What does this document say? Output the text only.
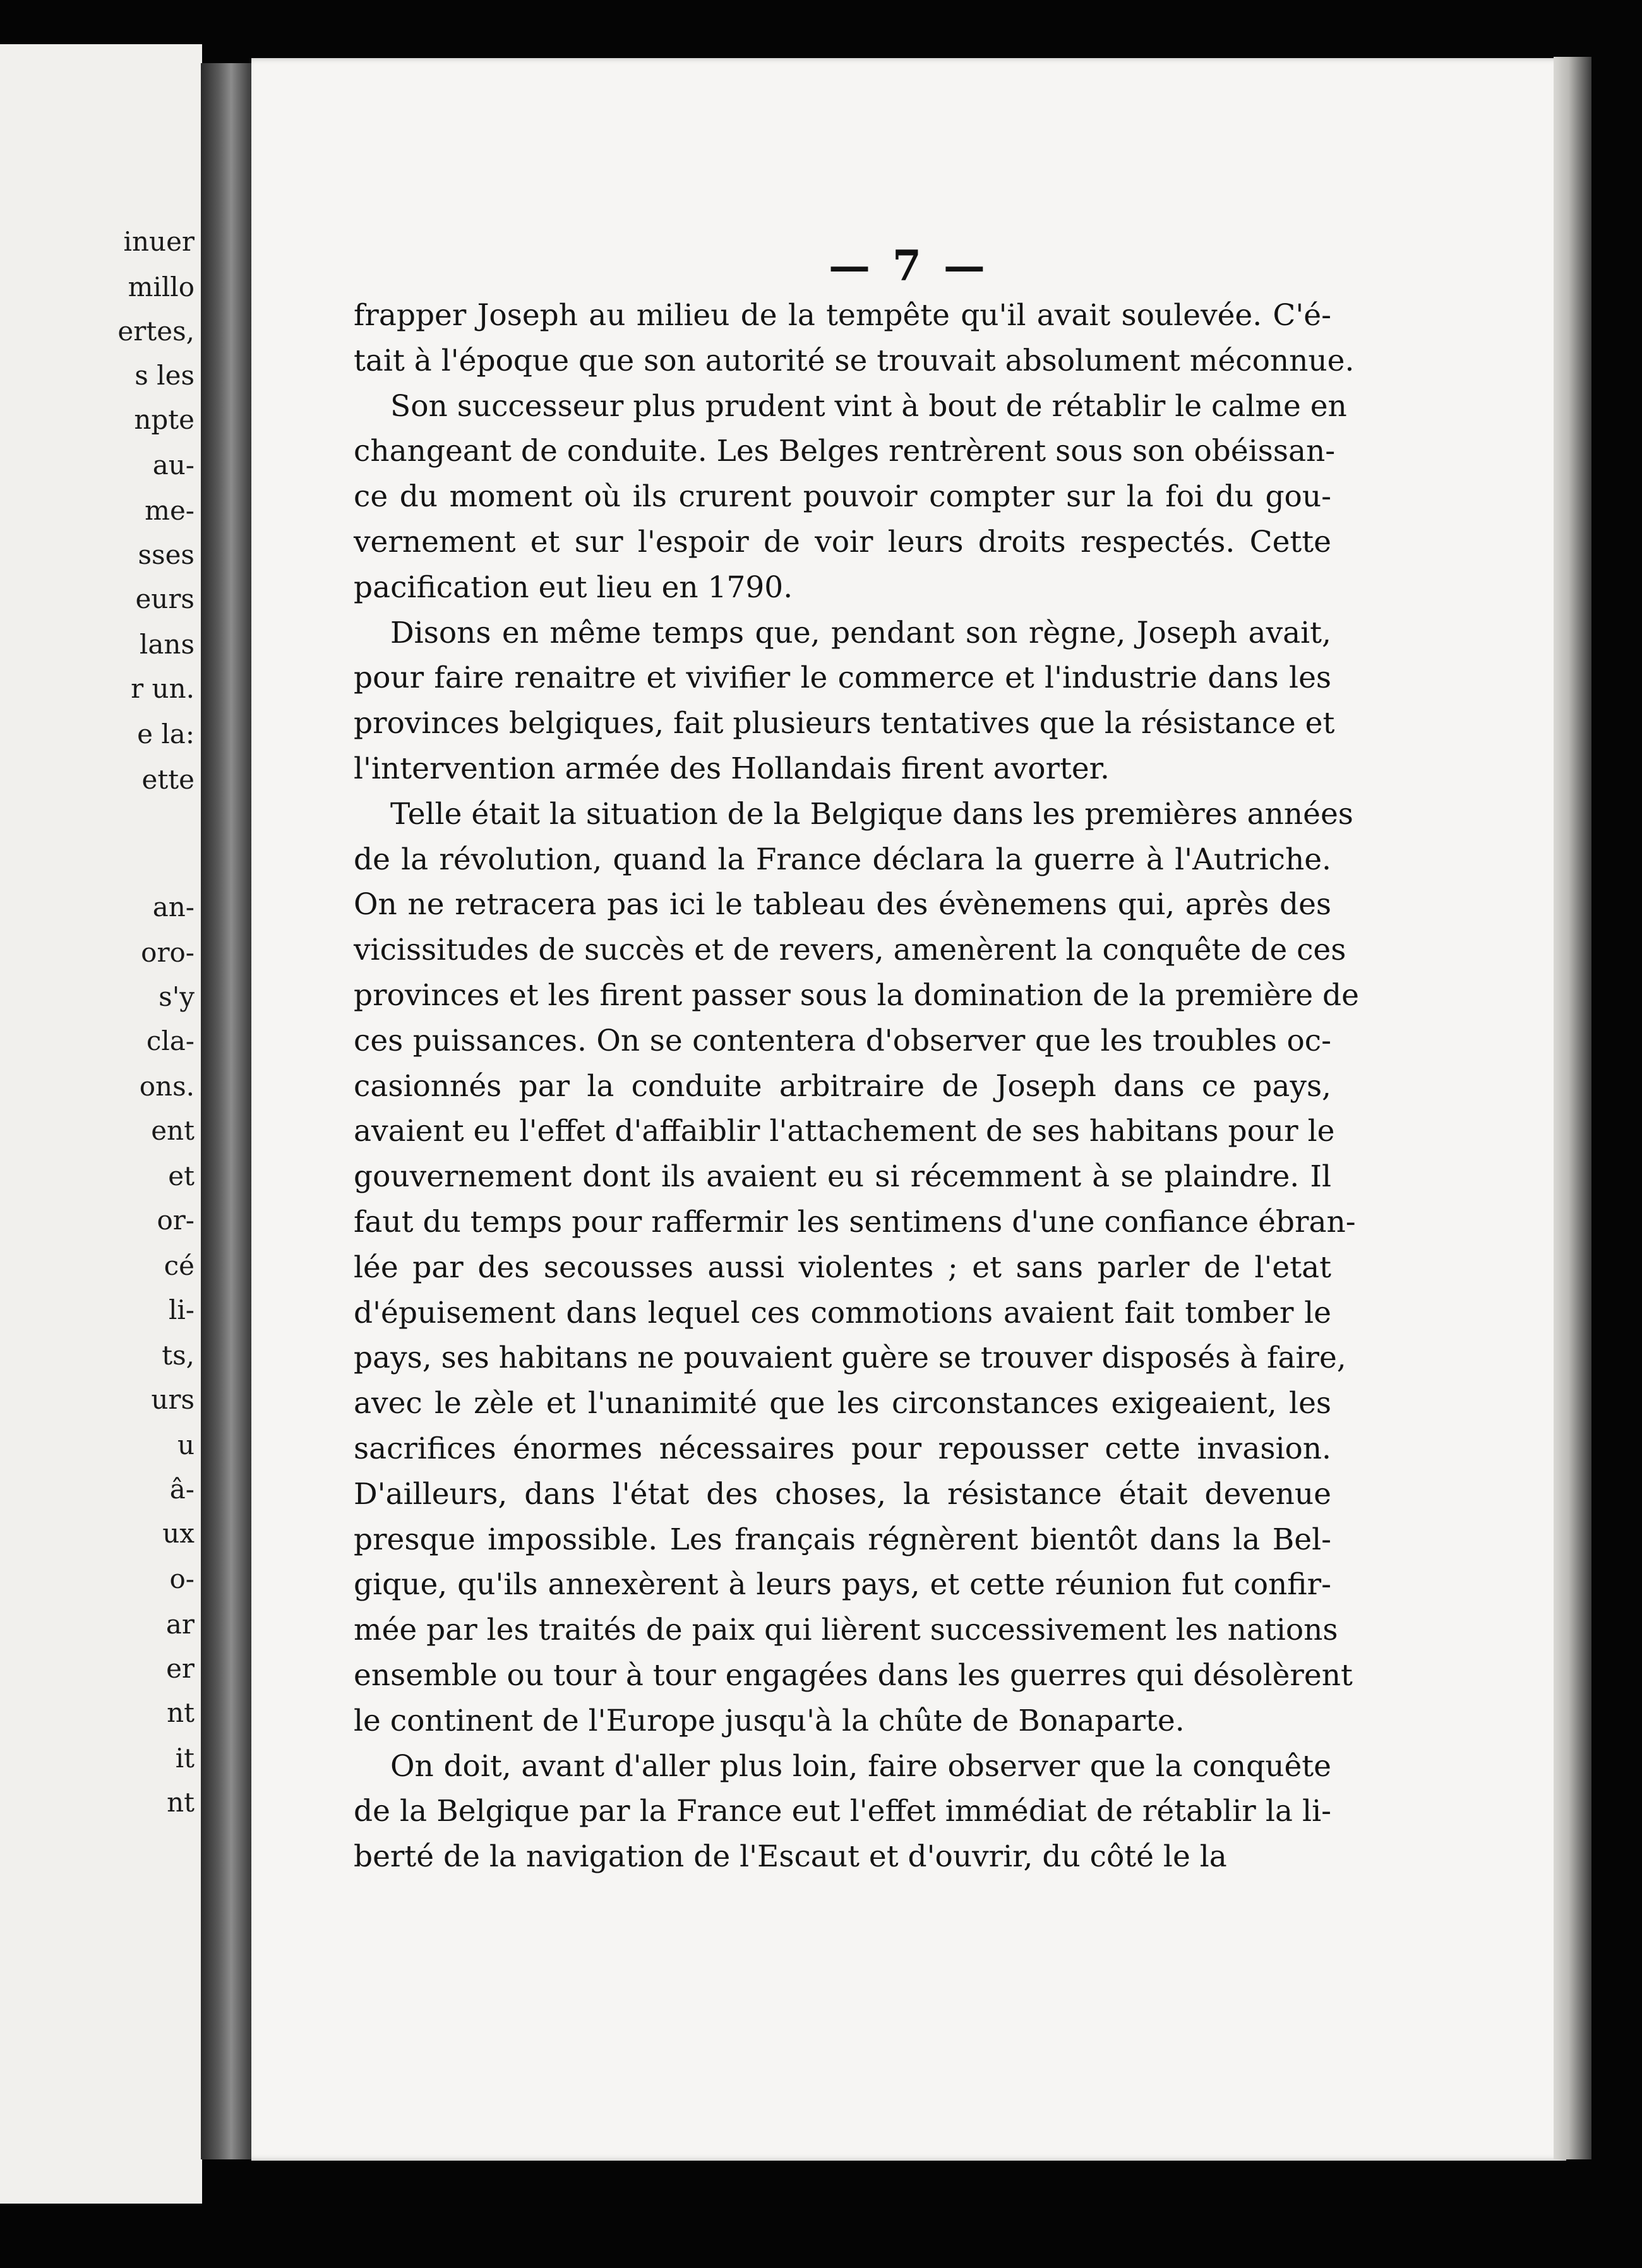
inuer
millo
ertes,
s les
npte
au-
me-
sses
eurs
lans
r un.
e la:
ette
an-
oro-
s'y
cla-
ons.
ent
et
or-
cé
li-
ts,
urs
u
â-
ux
o-
ar
er
nt
it
nt
— 7 —
frapper Joseph au milieu de la tempête qu'il avait soulevée. C'é-
tait à l'époque que son autorité se trouvait absolument méconnue.
Son successeur plus prudent vint à bout de rétablir le calme en
changeant de conduite. Les Belges rentrèrent sous son obéissan-
ce du moment où ils crurent pouvoir compter sur la foi du gou-
vernement et sur l'espoir de voir leurs droits respectés. Cette
pacification eut lieu en 1790.
Disons en même temps que, pendant son règne, Joseph avait,
pour faire renaitre et vivifier le commerce et l'industrie dans les
provinces belgiques, fait plusieurs tentatives que la résistance et
l'intervention armée des Hollandais firent avorter.
Telle était la situation de la Belgique dans les premières années
de la révolution, quand la France déclara la guerre à l'Autriche.
On ne retracera pas ici le tableau des évènemens qui, après des
vicissitudes de succès et de revers, amenèrent la conquête de ces
provinces et les firent passer sous la domination de la première de
ces puissances. On se contentera d'observer que les troubles oc-
casionnés par la conduite arbitraire de Joseph dans ce pays,
avaient eu l'effet d'affaiblir l'attachement de ses habitans pour le
gouvernement dont ils avaient eu si récemment à se plaindre. Il
faut du temps pour raffermir les sentimens d'une confiance ébran-
lée par des secousses aussi violentes ; et sans parler de l'etat
d'épuisement dans lequel ces commotions avaient fait tomber le
pays, ses habitans ne pouvaient guère se trouver disposés à faire,
avec le zèle et l'unanimité que les circonstances exigeaient, les
sacrifices énormes nécessaires pour repousser cette invasion.
D'ailleurs, dans l'état des choses, la résistance était devenue
presque impossible. Les français régnèrent bientôt dans la Bel-
gique, qu'ils annexèrent à leurs pays, et cette réunion fut confir-
mée par les traités de paix qui lièrent successivement les nations
ensemble ou tour à tour engagées dans les guerres qui désolèrent
le continent de l'Europe jusqu'à la chûte de Bonaparte.
On doit, avant d'aller plus loin, faire observer que la conquête
de la Belgique par la France eut l'effet immédiat de rétablir la li-
berté de la navigation de l'Escaut et d'ouvrir, du côté le la
